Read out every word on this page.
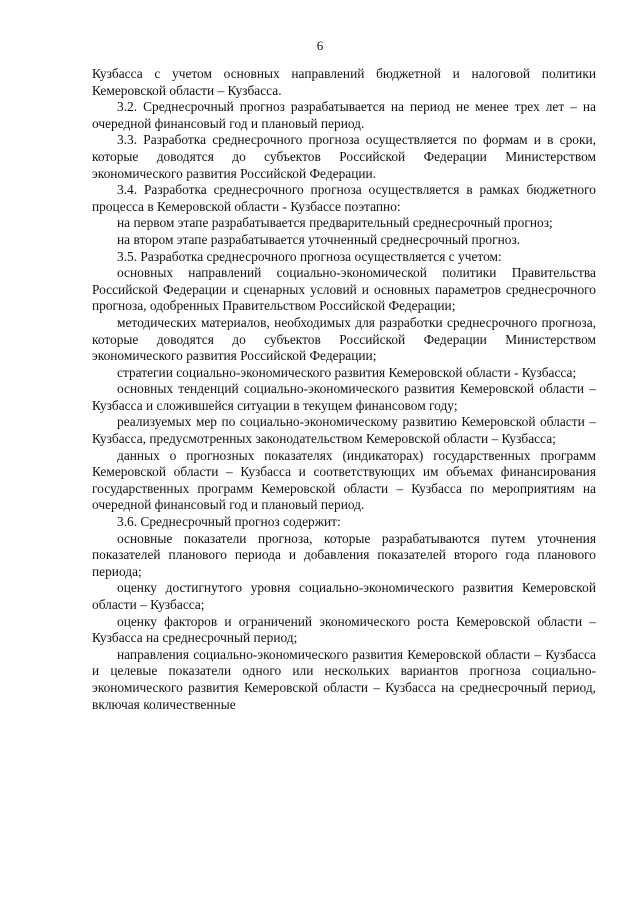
6

Кузбасса с учетом основных направлений бюджетной и налоговой политики Кемеровской области – Кузбасса.

3.2. Среднесрочный прогноз разрабатывается на период не менее трех лет – на очередной финансовый год и плановый период.

3.3. Разработка среднесрочного прогноза осуществляется по формам и в сроки, которые доводятся до субъектов Российской Федерации Министерством экономического развития Российской Федерации.

3.4. Разработка среднесрочного прогноза осуществляется в рамках бюджетного процесса в Кемеровской области - Кузбассе поэтапно:

на первом этапе разрабатывается предварительный среднесрочный прогноз;

на втором этапе разрабатывается уточненный среднесрочный прогноз.

3.5. Разработка среднесрочного прогноза осуществляется с учетом:

основных направлений социально-экономической политики Правительства Российской Федерации и сценарных условий и основных параметров среднесрочного прогноза, одобренных Правительством Российской Федерации;

методических материалов, необходимых для разработки среднесрочного прогноза, которые доводятся до субъектов Российской Федерации Министерством экономического развития Российской Федерации;

стратегии социально-экономического развития Кемеровской области - Кузбасса;

основных тенденций социально-экономического развития Кемеровской области – Кузбасса и сложившейся ситуации в текущем финансовом году;

реализуемых мер по социально-экономическому развитию Кемеровской области – Кузбасса, предусмотренных законодательством Кемеровской области – Кузбасса;

данных о прогнозных показателях (индикаторах) государственных программ Кемеровской области – Кузбасса и соответствующих им объемах финансирования государственных программ Кемеровской области – Кузбасса по мероприятиям на очередной финансовый год и плановый период.

3.6. Среднесрочный прогноз содержит:

основные показатели прогноза, которые разрабатываются путем уточнения показателей планового периода и добавления показателей второго года планового периода;

оценку достигнутого уровня социально-экономического развития Кемеровской области – Кузбасса;

оценку факторов и ограничений экономического роста Кемеровской области – Кузбасса на среднесрочный период;

направления социально-экономического развития Кемеровской области – Кузбасса и целевые показатели одного или нескольких вариантов прогноза социально-экономического развития Кемеровской области – Кузбасса на среднесрочный период, включая количественные
